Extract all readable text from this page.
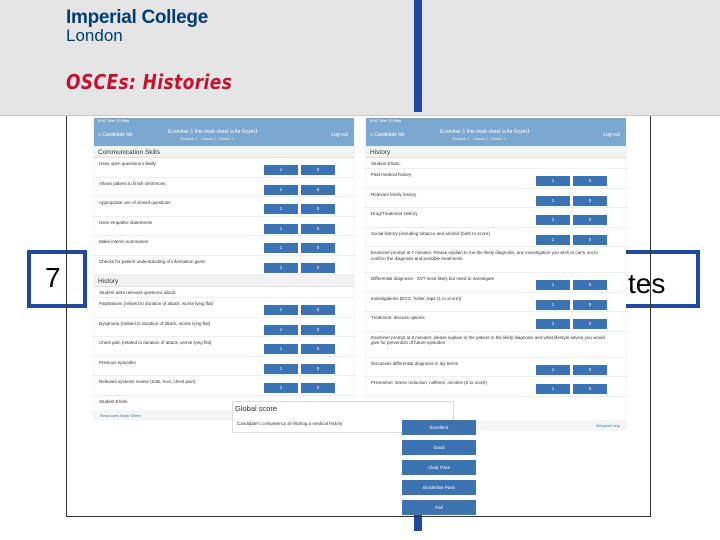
Imperial College
London
OSCEs: Histories
7	tes
10:47 Mar 13 May
< Candidate list	Examiner 1 this mark sheet is for Exam1
Session 1 · Circuit 1 · Room 1
Log out
Communication Skills
Uses open questions initially
1	0
Allows patient to finish sentences
1	0
Appropriate use of closed questions
1	0
Uses empathic statements
1	0
Make interim summaries
1	0
Checks for patient understanding of information given
1	0
History
Student asks relevant questions about:
Palpitations (related to duration of attack, worse lying flat)
1	0
Dyspnoea (related to duration of attack, worse lying flat)
1	0
Chest pain (related to duration of attack, worse lying flat)
1	0
Previous episodes
1	0
Relevant systems review (SoB, SoA, chest pain)
1	0
Student Elicits
Resources Mark Sheet
10:47 Mar 13 May
< Candidate list	Examiner 1 this mark sheet is for Exam1
Session 1 · Circuit 1 · Room 1
Log out
History
Student Elicits:
Past medical history
1	0
Relevant family history
1	0
Drug/Treatment History
1	0
Social history (including tobacco and alcohol (both to score)
1	0
Examiner prompt at 7 minutes: Please explain to me the likely diagnosis, any investigation you wish to carry out to confirm the diagnosis and possible treatments
Differential diagnosis - SVT most likely but need to investigate
1	0
Investigations (ECG, holter, tape (1 to score))
1	0
Treatment: discuss options
1	0
Examiner prompt at 8 minutes: please explain to the patient in the likely diagnosis and what lifestyle advice you would give for prevention of future episodes
Discusses differential diagnosis in lay terms
1	0
Prevention: stress reduction, caffeine, nicotine (2 to score)
1	0
Request help
Global score
Candidate's competency at eliciting a medical history
Excellent
Good
Clear Pass
Borderline Pass
Fail
